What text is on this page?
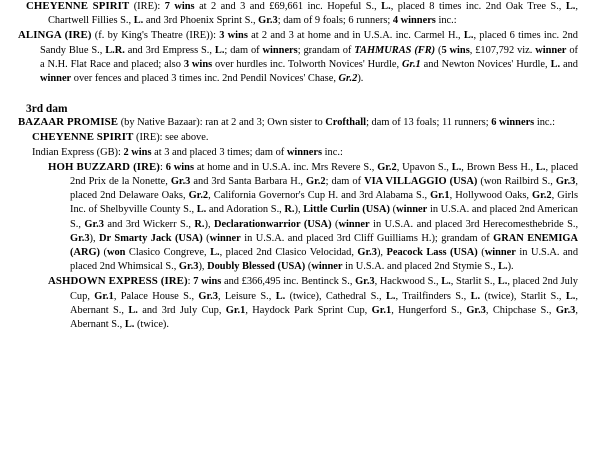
CHEYENNE SPIRIT (IRE): 7 wins at 2 and 3 and £69,661 inc. Hopeful S., L., placed 8 times inc. 2nd Oak Tree S., L., Chartwell Fillies S., L. and 3rd Phoenix Sprint S., Gr.3; dam of 9 foals; 6 runners; 4 winners inc.:

ALINGA (IRE) (f. by King's Theatre (IRE)): 3 wins at 2 and 3 at home and in U.S.A. inc. Carmel H., L., placed 6 times inc. 2nd Sandy Blue S., L.R. and 3rd Empress S., L.; dam of winners; grandam of TAHMURAS (FR) (5 wins, £107,792 viz. winner of a N.H. Flat Race and placed; also 3 wins over hurdles inc. Tolworth Novices' Hurdle, Gr.1 and Newton Novices' Hurdle, L. and winner over fences and placed 3 times inc. 2nd Pendil Novices' Chase, Gr.2).

3rd dam

BAZAAR PROMISE (by Native Bazaar): ran at 2 and 3; Own sister to Crofthall; dam of 13 foals; 11 runners; 6 winners inc.:

CHEYENNE SPIRIT (IRE): see above.

Indian Express (GB): 2 wins at 3 and placed 3 times; dam of winners inc.:

HOH BUZZARD (IRE): 6 wins at home and in U.S.A. inc. Mrs Revere S., Gr.2, Upavon S., L., Brown Bess H., L., placed 2nd Prix de la Nonette, Gr.3 and 3rd Santa Barbara H., Gr.2; dam of VIA VILLAGGIO (USA) (won Railbird S., Gr.3, placed 2nd Delaware Oaks, Gr.2, California Governor's Cup H. and 3rd Alabama S., Gr.1, Hollywood Oaks, Gr.2, Girls Inc. of Shelbyville County S., L. and Adoration S., R.), Little Curlin (USA) (winner in U.S.A. and placed 2nd American S., Gr.3 and 3rd Wickerr S., R.), Declarationwarrior (USA) (winner in U.S.A. and placed 3rd Herecomesthebride S., Gr.3), Dr Smarty Jack (USA) (winner in U.S.A. and placed 3rd Cliff Guilliams H.); grandam of GRAN ENEMIGA (ARG) (won Clasico Congreve, L., placed 2nd Clasico Velocidad, Gr.3), Peacock Lass (USA) (winner in U.S.A. and placed 2nd Whimsical S., Gr.3), Doubly Blessed (USA) (winner in U.S.A. and placed 2nd Stymie S., L.).

ASHDOWN EXPRESS (IRE): 7 wins and £366,495 inc. Bentinck S., Gr.3, Hackwood S., L., Starlit S., L., placed 2nd July Cup, Gr.1, Palace House S., Gr.3, Leisure S., L. (twice), Cathedral S., L., Trailfinders S., L. (twice), Starlit S., L., Abernant S., L. and 3rd July Cup, Gr.1, Haydock Park Sprint Cup, Gr.1, Hungerford S., Gr.3, Chipchase S., Gr.3, Abernant S., L. (twice).
